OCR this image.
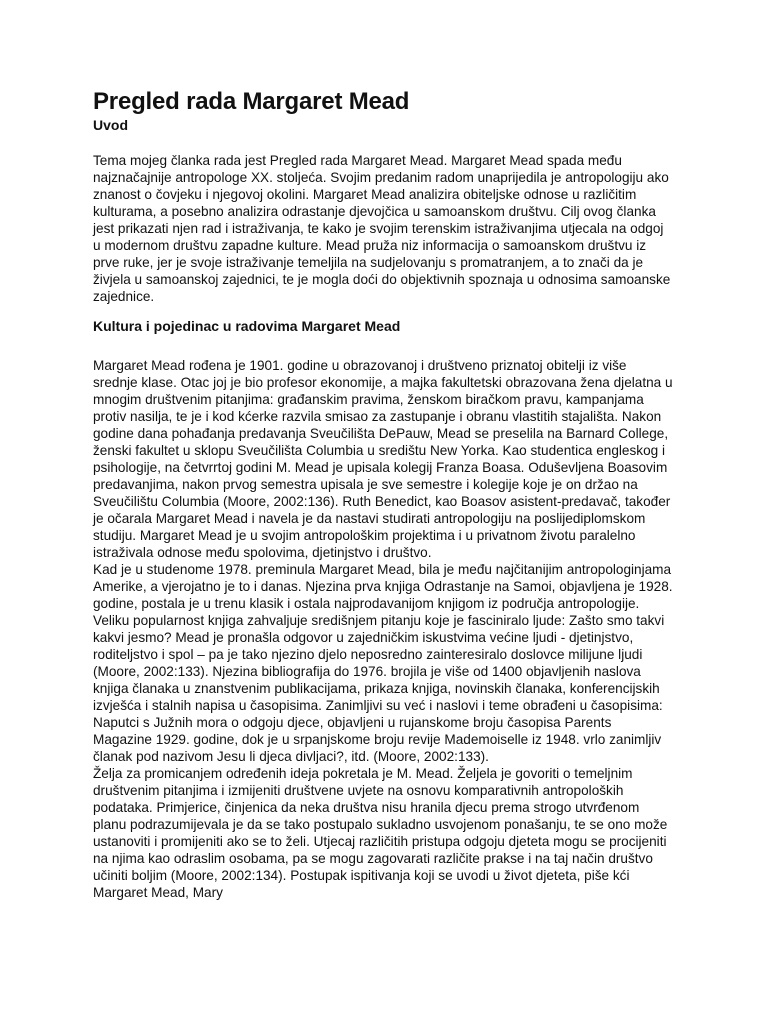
Pregled rada Margaret Mead
Uvod

Tema mojeg članka rada jest Pregled rada Margaret Mead. Margaret Mead spada među najznačajnije antropologe XX. stoljeća. Svojim predanim radom unaprijedila je antropologiju ako znanost o čovjeku i njegovoj okolini. Margaret Mead analizira obiteljske odnose u različitim kulturama, a posebno analizira odrastanje djevojčica u samoanskom društvu. Cilj ovog članka jest prikazati njen rad i istraživanja, te kako je svojim terenskim istraživanjima utjecala na odgoj u modernom društvu zapadne kulture. Mead pruža niz informacija o samoanskom društvu iz prve ruke, jer je svoje istraživanje temeljila na sudjelovanju s promatranjem, a to znači da je živjela u samoanskoj zajednici, te je mogla doći do objektivnih spoznaja u odnosima samoanske zajednice.

Kultura i pojedinac u radovima Margaret Mead

Margaret Mead rođena je 1901. godine u obrazovanoj i društveno priznatoj obitelji iz više srednje klase. Otac joj je bio profesor ekonomije, a majka fakultetski obrazovana žena djelatna u mnogim društvenim pitanjima: građanskim pravima, ženskom biračkom pravu, kampanjama protiv nasilja, te je i kod kćerke razvila smisao za zastupanje i obranu vlastitih stajališta. Nakon godine dana pohađanja predavanja Sveučilišta DePauw, Mead se preselila na Barnard College, ženski fakultet u sklopu Sveučilišta Columbia u središtu New Yorka. Kao studentica engleskog i psihologije, na četvrrtoj godini M. Mead je upisala kolegij Franza Boasa. Oduševljena Boasovim predavanjima, nakon prvog semestra upisala je sve semestre i kolegije koje je on držao na Sveučilištu Columbia (Moore, 2002:136). Ruth Benedict, kao Boasov asistent-predavač, također je očarala Margaret Mead i navela je da nastavi studirati antropologiju na poslijediplomskom studiju. Margaret Mead je u svojim antropološkim projektima i u privatnom životu paralelno istraživala odnose među spolovima, djetinjstvo i društvo.

Kad je u studenome 1978. preminula Margaret Mead, bila je među najčitanijim antropologinjama Amerike, a vjerojatno je to i danas. Njezina prva knjiga Odrastanje na Samoi, objavljena je 1928. godine, postala je u trenu klasik i ostala najprodavanijom knjigom iz područja antropologije. Veliku popularnost knjiga zahvaljuje središnjem pitanju koje je fasciniralo ljude: Zašto smo takvi kakvi jesmo? Mead je pronašla odgovor u zajedničkim iskustvima većine ljudi - djetinjstvo, roditeljstvo i spol – pa je tako njezino djelo neposredno zainteresiralo doslovce milijune ljudi (Moore, 2002:133). Njezina bibliografija do 1976. brojila je više od 1400 objavljenih naslova knjiga članaka u znanstvenim publikacijama, prikaza knjiga, novinskih članaka, konferencijskih izvješća i stalnih napisa u časopisima. Zanimljivi su već i naslovi i teme obrađeni u časopisima: Naputci s Južnih mora o odgoju djece, objavljeni u rujanskome broju časopisa Parents Magazine 1929. godine, dok je u srpanjskome broju revije Mademoiselle iz 1948. vrlo zanimljiv članak pod nazivom Jesu li djeca divljaci?, itd. (Moore, 2002:133).

Želja za promicanjem određenih ideja pokretala je M. Mead. Željela je govoriti o temeljnim društvenim pitanjima i izmijeniti društvene uvjete na osnovu komparativnih antropoloških podataka. Primjerice, činjenica da neka društva nisu hranila djecu prema strogo utvrđenom planu podrazumijevala je da se tako postupalo sukladno usvojenom ponašanju, te se ono može ustanoviti i promijeniti ako se to želi. Utjecaj različitih pristupa odgoju djeteta mogu se procijeniti na njima kao odraslim osobama, pa se mogu zagovarati različite prakse i na taj način društvo učiniti boljim (Moore, 2002:134). Postupak ispitivanja koji se uvodi u život djeteta, piše kći Margaret Mead, Mary
